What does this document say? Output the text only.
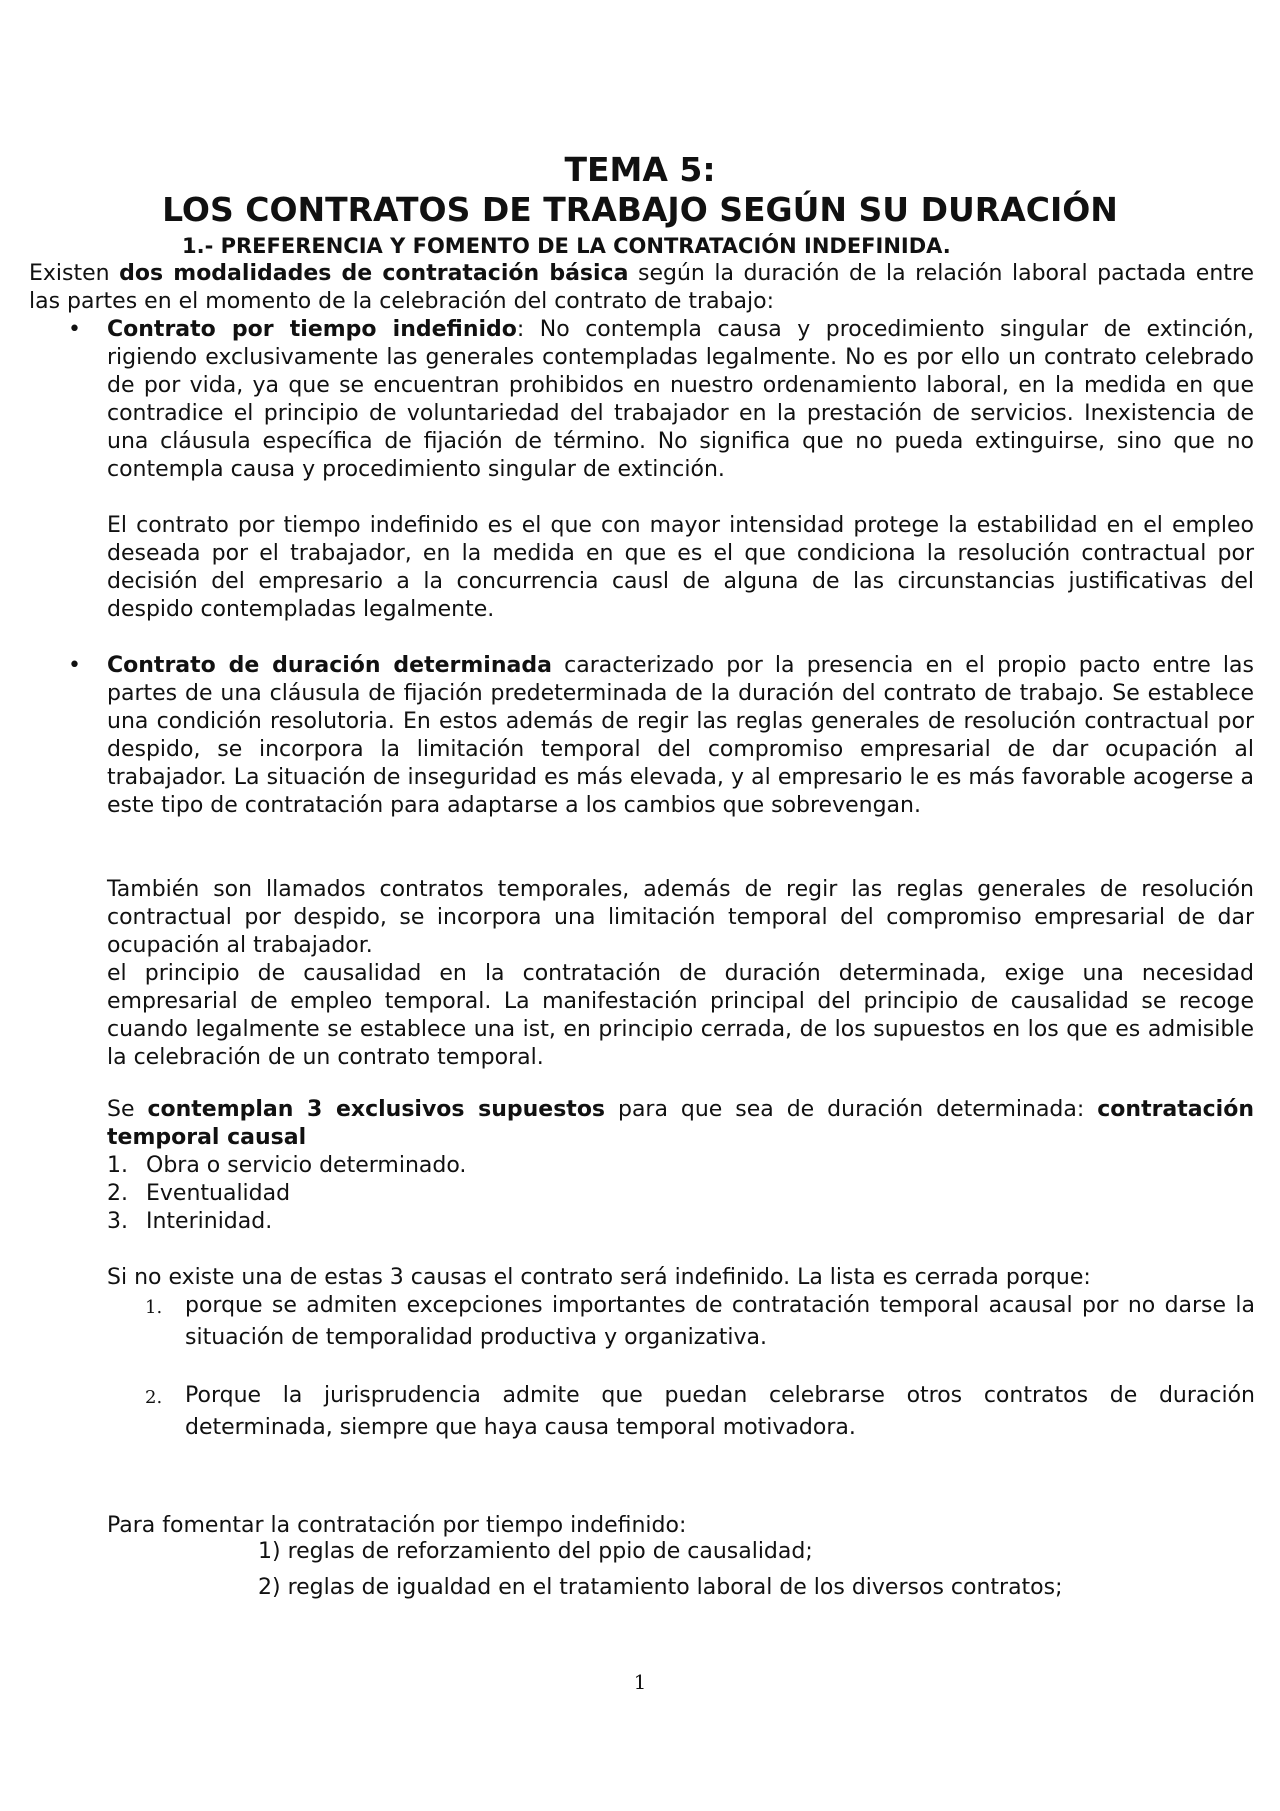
TEMA 5:
LOS CONTRATOS DE TRABAJO SEGÚN SU DURACIÓN
1.- PREFERENCIA Y FOMENTO DE LA CONTRATACIÓN INDEFINIDA.

Existen dos modalidades de contratación básica según la duración de la relación laboral pactada entre las partes en el momento de la celebración del contrato de trabajo:

• Contrato por tiempo indefinido: No contempla causa y procedimiento singular de extinción, rigiendo exclusivamente las generales contempladas legalmente. No es por ello un contrato celebrado de por vida, ya que se encuentran prohibidos en nuestro ordenamiento laboral, en la medida en que contradice el principio de voluntariedad del trabajador en la prestación de servicios. Inexistencia de una cláusula específica de fijación de término. No significa que no pueda extinguirse, sino que no contempla causa y procedimiento singular de extinción.

El contrato por tiempo indefinido es el que con mayor intensidad protege la estabilidad en el empleo deseada por el trabajador, en la medida en que es el que condiciona la resolución contractual por decisión del empresario a la concurrencia causl de alguna de las circunstancias justificativas del despido contempladas legalmente.

• Contrato de duración determinada caracterizado por la presencia en el propio pacto entre las partes de una cláusula de fijación predeterminada de la duración del contrato de trabajo. Se establece una condición resolutoria. En estos además de regir las reglas generales de resolución contractual por despido, se incorpora la limitación temporal del compromiso empresarial de dar ocupación al trabajador. La situación de inseguridad es más elevada, y al empresario le es más favorable acogerse a este tipo de contratación para adaptarse a los cambios que sobrevengan.

También son llamados contratos temporales, además de regir las reglas generales de resolución contractual por despido, se incorpora una limitación temporal del compromiso empresarial de dar ocupación al trabajador.

el principio de causalidad en la contratación de duración determinada, exige una necesidad empresarial de empleo temporal. La manifestación principal del principio de causalidad se recoge cuando legalmente se establece una ist, en principio cerrada, de los supuestos en los que es admisible la celebración de un contrato temporal.

Se contemplan 3 exclusivos supuestos para que sea de duración determinada: contratación temporal causal

1. Obra o servicio determinado.
2. Eventualidad
3. Interinidad.
Si no existe una de estas 3 causas el contrato será indefinido. La lista es cerrada porque:
1. porque se admiten excepciones importantes de contratación temporal acausal por no darse la situación de temporalidad productiva y organizativa.
2. Porque la jurisprudencia admite que puedan celebrarse otros contratos de duración determinada, siempre que haya causa temporal motivadora.
Para fomentar la contratación por tiempo indefinido:
1) reglas de reforzamiento del ppio de causalidad;
2) reglas de igualdad en el tratamiento laboral de los diversos contratos;
1
